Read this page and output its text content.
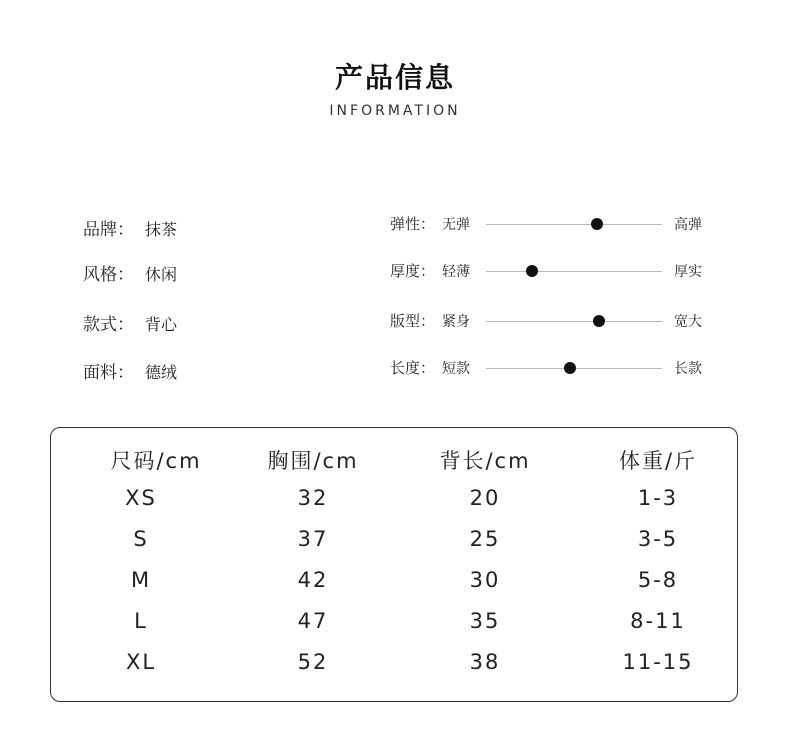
产品信息
INFORMATION
品牌： 抹茶
风格： 休闲
款式： 背心
面料： 德绒
弹性： 无弹	高弹
厚度： 轻薄	厚实
版型： 紧身	宽大
长度： 短款	长款
尺码/cm	胸围/cm	背长/cm	体重/斤
XS	32	20	1-3
S	37	25	3-5
M	42	30	5-8
L	47	35	8-11
XL	52	38	11-15
